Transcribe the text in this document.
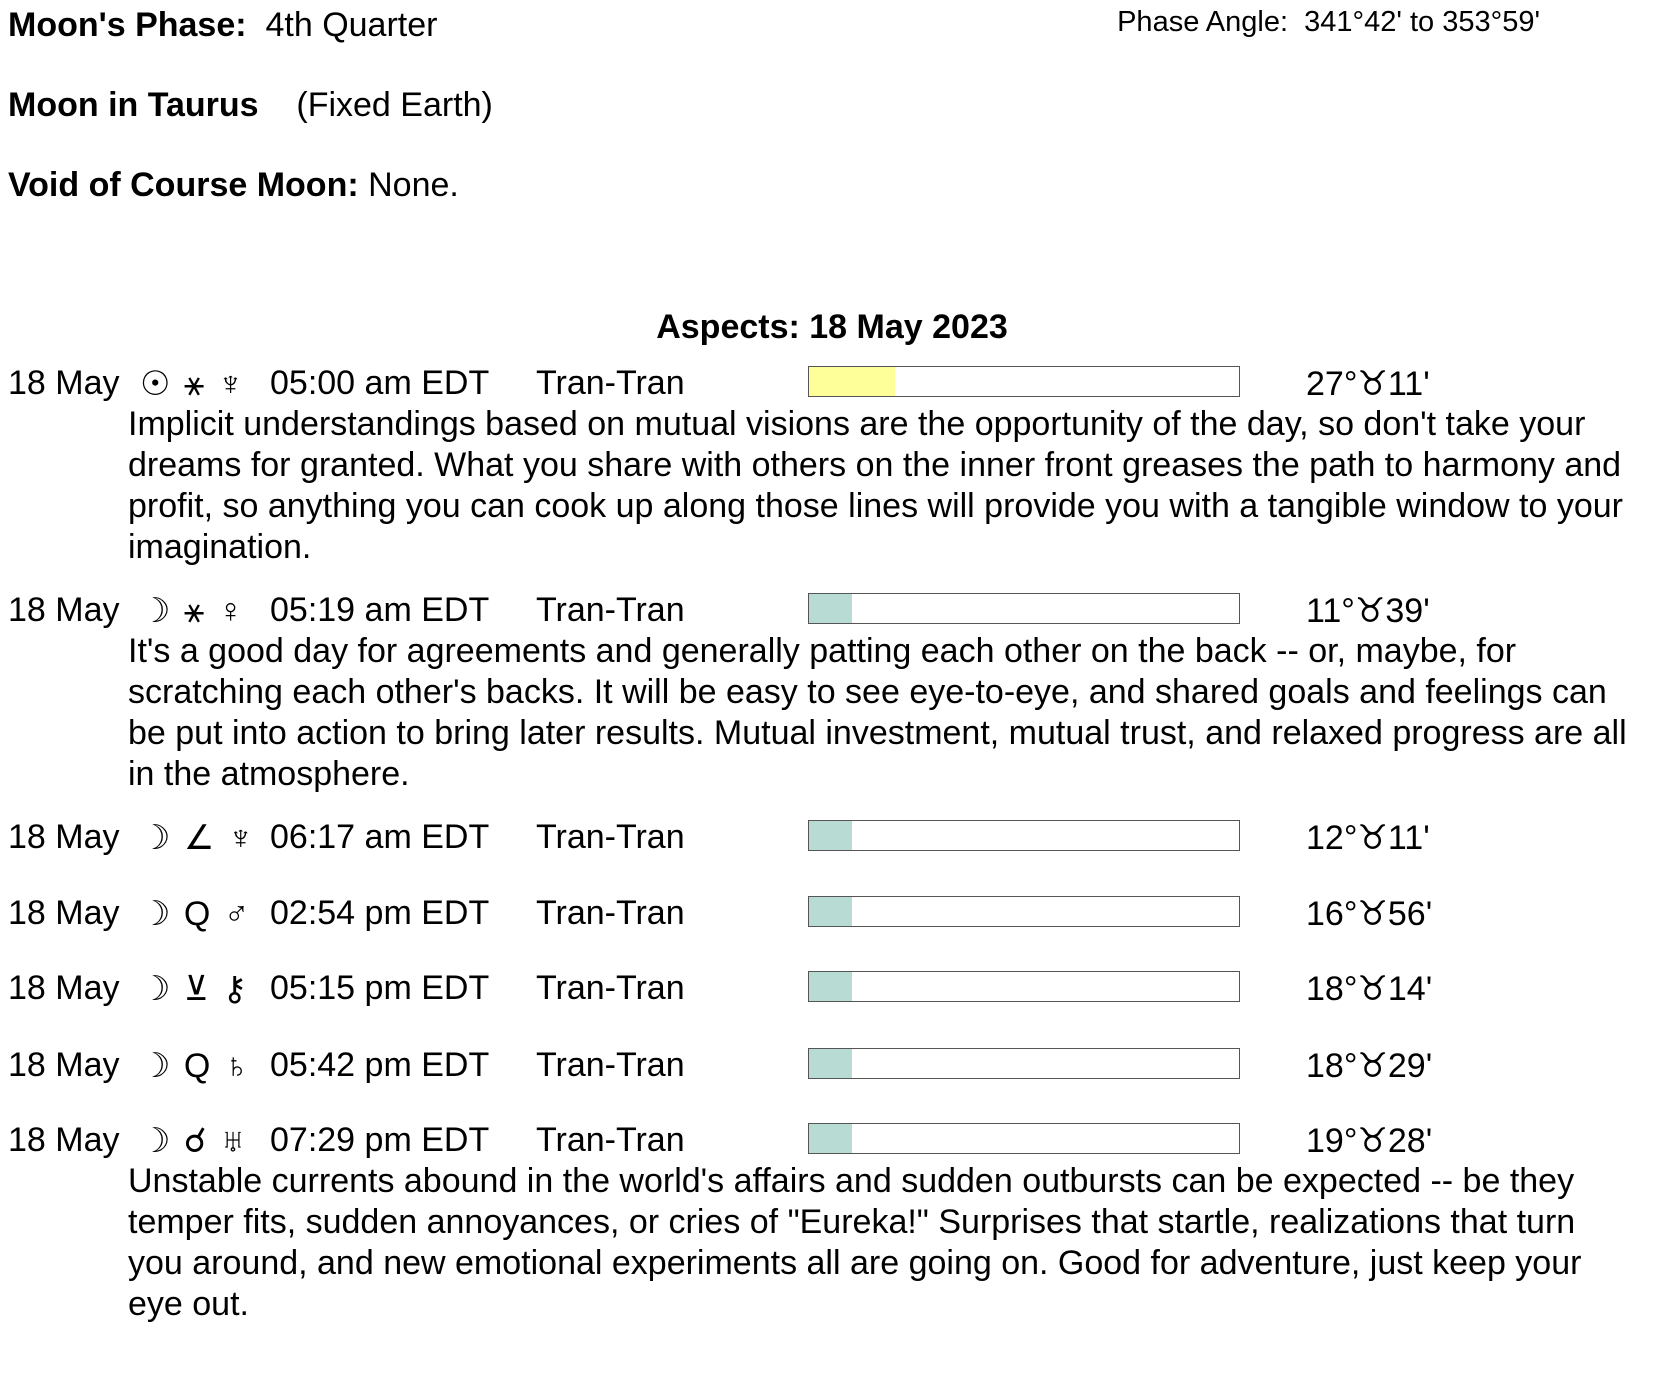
Moon's Phase: 4th Quarter	Phase Angle: 341°42' to 353°59'
Moon in Taurus (Fixed Earth)
Void of Course Moon: None.
Aspects: 18 May 2023
18 May ☉ ⚹ ♆ 05:00 am EDT Tran-Tran	27°♉11'
Implicit understandings based on mutual visions are the opportunity of the day, so don't take your dreams for granted. What you share with others on the inner front greases the path to harmony and profit, so anything you can cook up along those lines will provide you with a tangible window to your imagination.
18 May ☽ ⚹ ♀ 05:19 am EDT Tran-Tran	11°♉39'
It's a good day for agreements and generally patting each other on the back -- or, maybe, for scratching each other's backs. It will be easy to see eye-to-eye, and shared goals and feelings can be put into action to bring later results. Mutual investment, mutual trust, and relaxed progress are all in the atmosphere.
18 May ☽ ∠ ♆ 06:17 am EDT Tran-Tran	12°♉11'
18 May ☽ Q ♂ 02:54 pm EDT Tran-Tran	16°♉56'
18 May ☽ ⊻ ⚷ 05:15 pm EDT Tran-Tran	18°♉14'
18 May ☽ Q ♄ 05:42 pm EDT Tran-Tran	18°♉29'
18 May ☽ ☌ ♅ 07:29 pm EDT Tran-Tran	19°♉28'
Unstable currents abound in the world's affairs and sudden outbursts can be expected -- be they temper fits, sudden annoyances, or cries of "Eureka!" Surprises that startle, realizations that turn you around, and new emotional experiments all are going on. Good for adventure, just keep your eye out.
